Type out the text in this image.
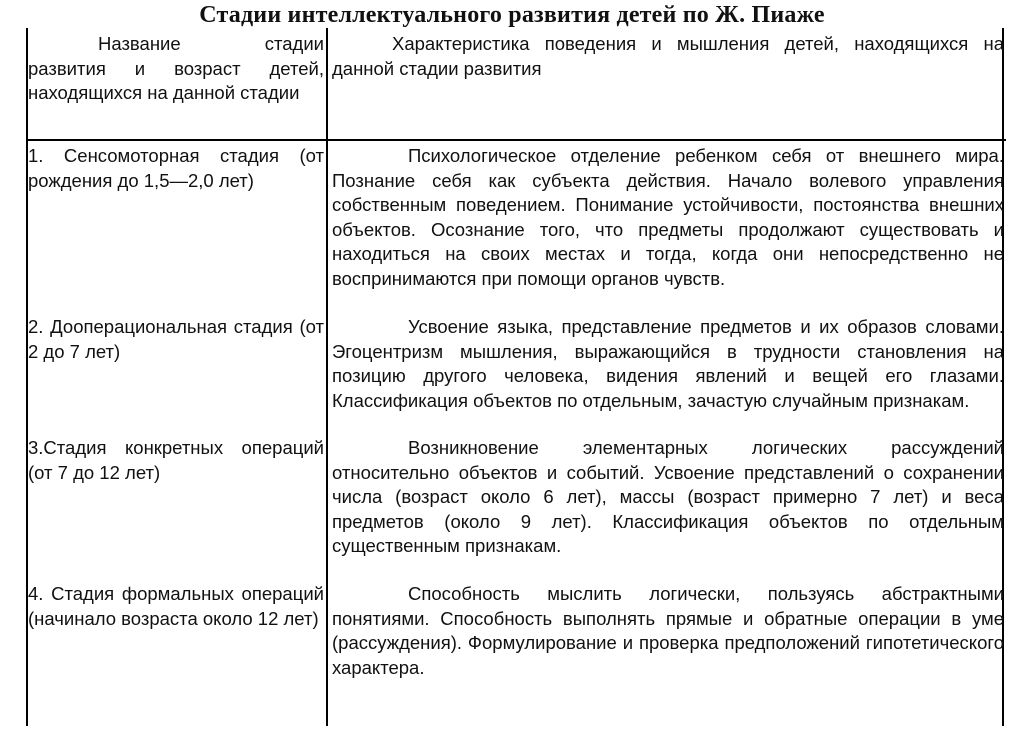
Стадии интеллектуального развития детей по Ж. Пиаже

Название стадии развития и возраст детей, находящихся на данной стадии

Характеристика поведения и мышления детей, находящихся на данной стадии развития

1. Сенсомоторная стадия (от рождения до 1,5—2,0 лет)

Психологическое отделение ребенком себя от внешнего мира. Познание себя как субъекта действия. Начало волевого управления собственным поведением. Понимание устойчивости, постоянства внешних объектов. Осознание того, что предметы продолжают существовать и находиться на своих местах и тогда, когда они непосредственно не воспринимаются при помощи органов чувств.

2. Дооперациональная стадия (от 2 до 7 лет)

Усвоение языка, представление предметов и их образов словами. Эгоцентризм мышления, выражающийся в трудности становления на позицию другого человека, видения явлений и вещей его глазами. Классификация объектов по отдельным, зачастую случайным признакам.

3.Стадия конкретных операций (от 7 до 12 лет)

Возникновение элементарных логических рассуждений относительно объектов и событий. Усвоение представлений о сохранении числа (возраст около 6 лет), массы (возраст примерно 7 лет) и веса предметов (около 9 лет). Классификация объектов по отдельным существенным признакам.

4. Стадия формальных операций (начинало возраста около 12 лет)

Способность мыслить логически, пользуясь абстрактными понятиями. Способность выполнять прямые и обратные операции в уме (рассуждения). Формулирование и проверка предположений гипотетического характера.
